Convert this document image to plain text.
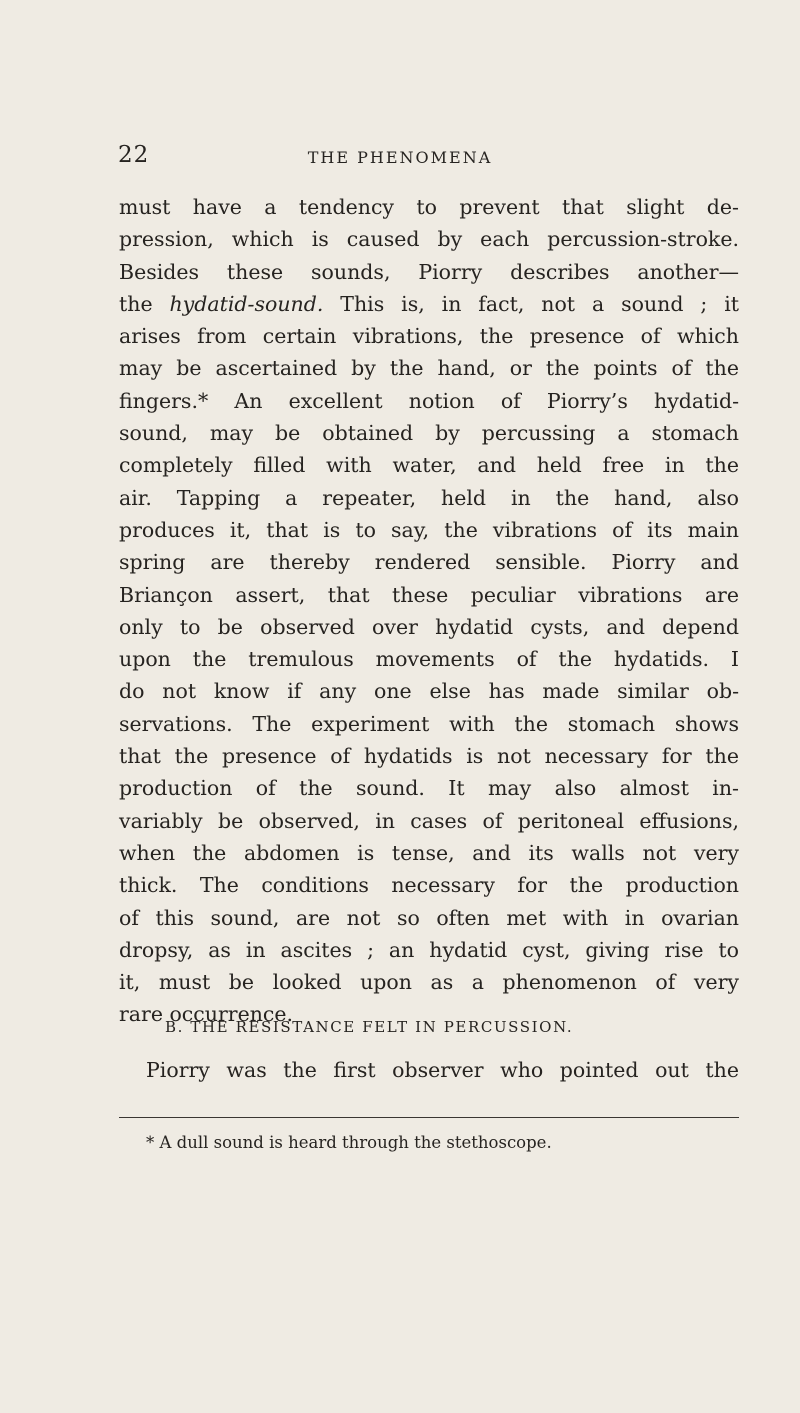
22	THE PHENOMENA
must have a tendency to prevent that slight de-
pression, which is caused by each percussion-stroke.
Besides these sounds, Piorry describes another—
the hydatid-sound. This is, in fact, not a sound ; it
arises from certain vibrations, the presence of which
may be ascertained by the hand, or the points of the
fingers.* An excellent notion of Piorry’s hydatid-
sound, may be obtained by percussing a stomach
completely filled with water, and held free in the
air. Tapping a repeater, held in the hand, also
produces it, that is to say, the vibrations of its main
spring are thereby rendered sensible. Piorry and
Briançon assert, that these peculiar vibrations are
only to be observed over hydatid cysts, and depend
upon the tremulous movements of the hydatids. I
do not know if any one else has made similar ob-
servations. The experiment with the stomach shows
that the presence of hydatids is not necessary for the
production of the sound. It may also almost in-
variably be observed, in cases of peritoneal effusions,
when the abdomen is tense, and its walls not very
thick. The conditions necessary for the production
of this sound, are not so often met with in ovarian
dropsy, as in ascites ; an hydatid cyst, giving rise to
it, must be looked upon as a phenomenon of very
rare occurrence.
B. THE RESISTANCE FELT IN PERCUSSION.
Piorry was the first observer who pointed out the
* A dull sound is heard through the stethoscope.
